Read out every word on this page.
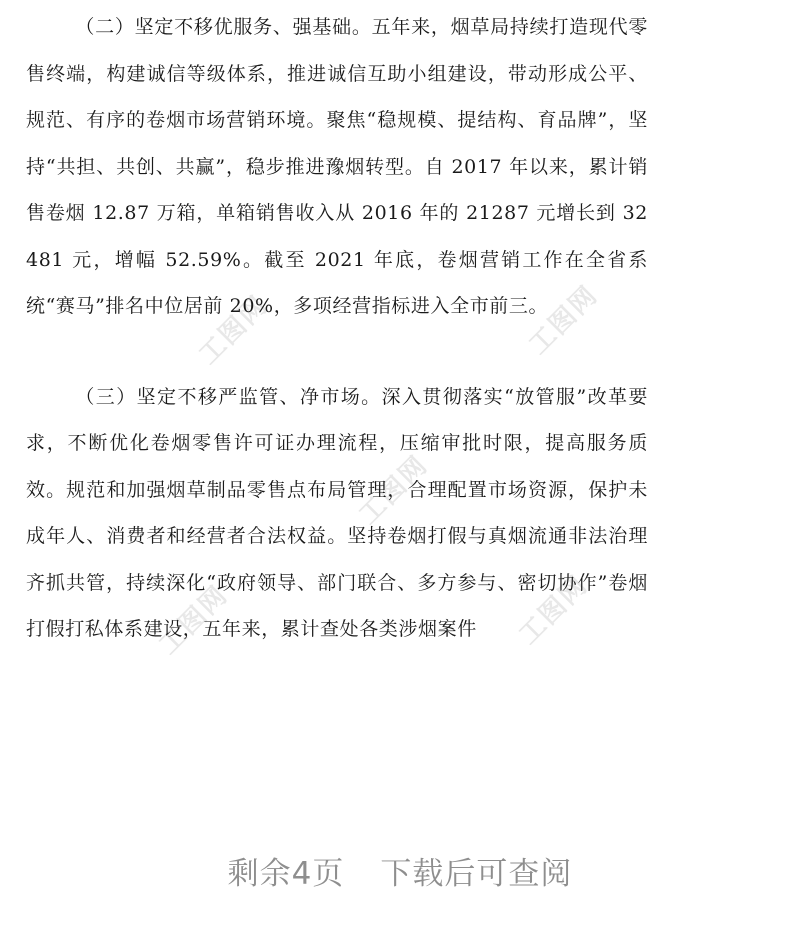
工图网
工图网
工图网
工图网	工图网

（二）坚定不移优服务、强基础。五年来，烟草局持续打造现代零售终端，构建诚信等级体系，推进诚信互助小组建设，带动形成公平、规范、有序的卷烟市场营销环境。聚焦“稳规模、提结构、育品牌”，坚持“共担、共创、共赢”，稳步推进豫烟转型。自 2017 年以来，累计销售卷烟 12.87 万箱，单箱销售收入从 2016 年的 21287 元增长到 32481 元，增幅 52.59%。截至 2021 年底，卷烟营销工作在全省系统“赛马”排名中位居前 20%，多项经营指标进入全市前三。

（三）坚定不移严监管、净市场。深入贯彻落实“放管服”改革要求，不断优化卷烟零售许可证办理流程，压缩审批时限，提高服务质效。规范和加强烟草制品零售点布局管理，合理配置市场资源，保护未成年人、消费者和经营者合法权益。坚持卷烟打假与真烟流通非法治理齐抓共管，持续深化“政府领导、部门联合、多方参与、密切协作”卷烟打假打私体系建设，五年来，累计查处各类涉烟案件

剩余4页 下载后可查阅
